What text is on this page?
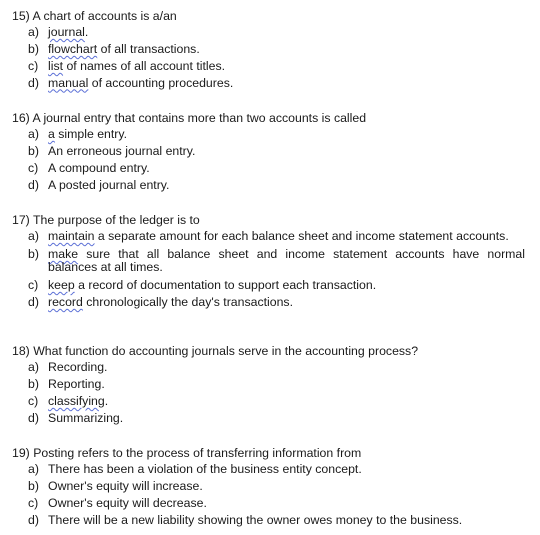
15) A chart of accounts is a/an
a) journal.
b) flowchart of all transactions.
c) list of names of all account titles.
d) manual of accounting procedures.
16) A journal entry that contains more than two accounts is called
a) a simple entry.
b) An erroneous journal entry.
c) A compound entry.
d) A posted journal entry.
17) The purpose of the ledger is to
a) maintain a separate amount for each balance sheet and income statement accounts.
b) make sure that all balance sheet and income statement accounts have normal balances at all times.
c) keep a record of documentation to support each transaction.
d) record chronologically the day's transactions.
18) What function do accounting journals serve in the accounting process?
a) Recording.
b) Reporting.
c) classifying.
d) Summarizing.
19) Posting refers to the process of transferring information from
a) There has been a violation of the business entity concept.
b) Owner's equity will increase.
c) Owner's equity will decrease.
d) There will be a new liability showing the owner owes money to the business.
